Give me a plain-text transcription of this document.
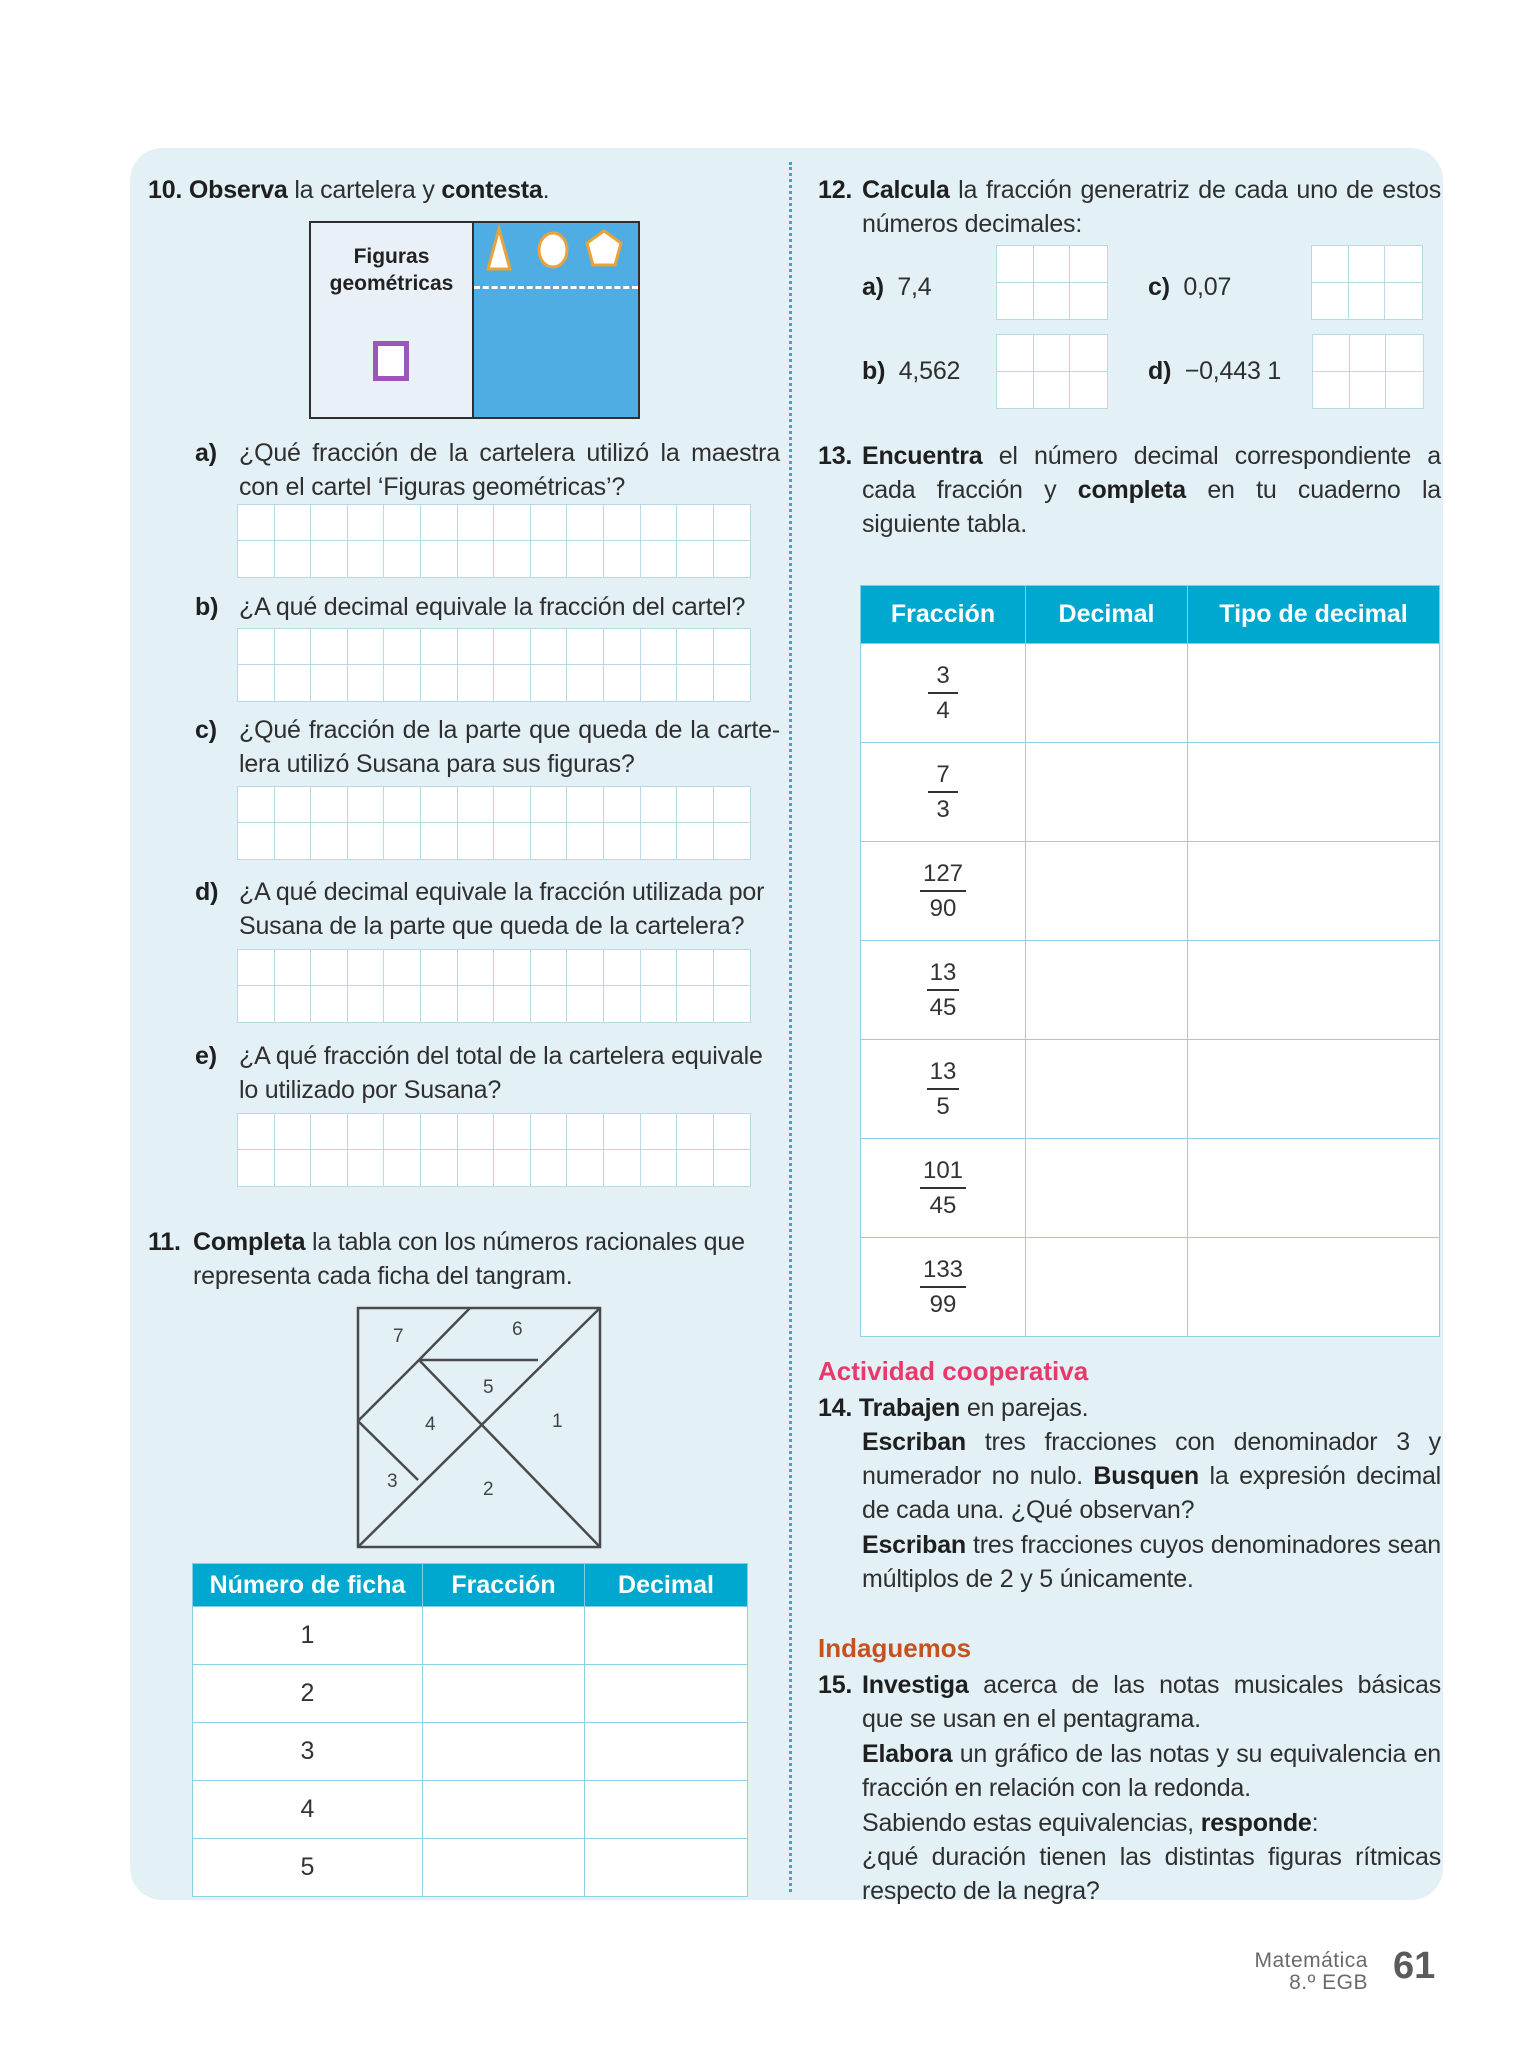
10. Observa la cartelera y contesta.
Figuras
geométricas
a) ¿Qué fracción de la cartelera utilizó la maestra con el cartel ‘Figuras geométricas’?
b) ¿A qué decimal equivale la fracción del cartel?
c) ¿Qué fracción de la parte que queda de la carte-lera utilizó Susana para sus figuras?
d) ¿A qué decimal equivale la fracción utilizada por Susana de la parte que queda de la cartelera?
e) ¿A qué fracción del total de la cartelera equivale lo utilizado por Susana?
11. Completa la tabla con los números racionales que representa cada ficha del tangram.
7	6
5
4	1
3	2
Número de ficha	Fracción	Decimal
1		
2		
3		
4		
5		
12. Calcula la fracción generatriz de cada uno de estos números decimales:
a) 7,4	c) 0,07
b) 4,562	d) −0,443 1
13. Encuentra el número decimal correspondiente a cada fracción y completa en tu cuaderno la siguiente tabla.
Fracción	Decimal	Tipo de decimal

$\frac{3}{4}$

$\frac{7}{3}$

$\frac{127}{90}$

$\frac{13}{45}$

$\frac{13}{5}$

$\frac{101}{45}$

$\frac{133}{99}$

Actividad cooperativa
14. Trabajen en parejas.
Escriban tres fracciones con denominador 3 y numerador no nulo. Busquen la expresión decimal de cada una. ¿Qué observan?
Escriban tres fracciones cuyos denominadores sean múltiplos de 2 y 5 únicamente.
Indaguemos
15. Investiga acerca de las notas musicales básicas que se usan en el pentagrama.
Elabora un gráfico de las notas y su equivalencia en fracción en relación con la redonda.
Sabiendo estas equivalencias, responde:
¿qué duración tienen las distintas figuras rítmicas respecto de la negra?
Matemática
8.º EGB 61
